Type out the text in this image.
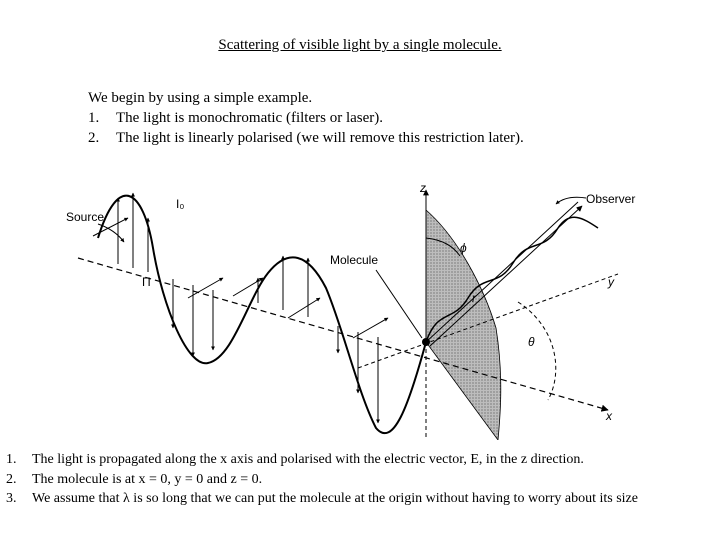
Scattering of visible light by a single molecule.
We begin by using a simple example.
1. The light is monochromatic (filters or laser).
2. The light is linearly polarised (we will remove this restriction later).
Source
Observer
Molecule
I₀
Π
z
y
x
r
ϕ
θ
1.	The light is propagated along the x axis and polarised with the electric vector, E, in the z direction.
2.	The molecule is at x = 0, y = 0 and z = 0.
3.	We assume that λ is so long that we can put the molecule at the origin without having to worry about its size
